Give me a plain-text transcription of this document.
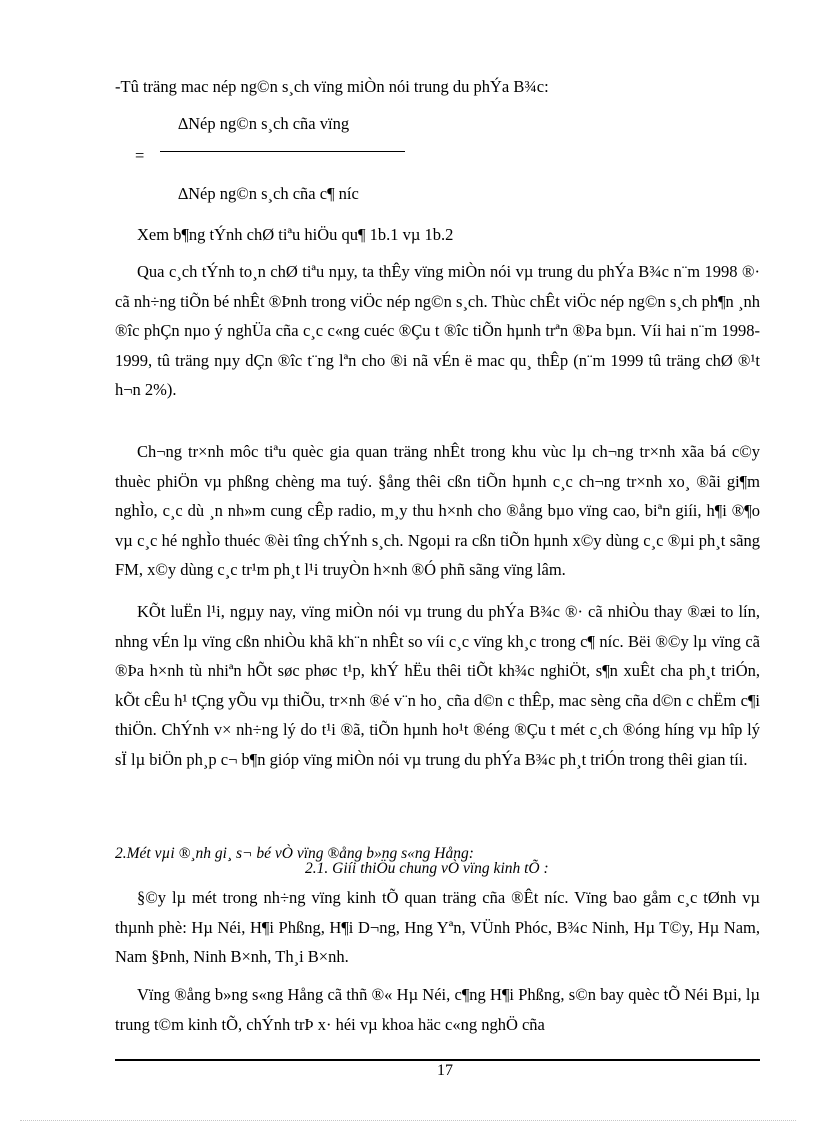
-Tû träng mac nép ng©n s¸ch vïng miÒn nói trung du phÝa B¾c:

∆Nép ng©n s¸ch cña vïng
=
∆Nép ng©n s¸ch cña c¶ níc

Xem b¶ng tÝnh chØ tiªu hiÖu qu¶ 1b.1 vµ 1b.2

Qua c¸ch tÝnh to¸n chØ tiªu nµy, ta thÊy vïng miÒn nói vµ trung du phÝa B¾c n¨m 1998 ®· cã nh÷ng tiÕn bé nhÊt ®Þnh trong viÖc nép ng©n s¸ch. Thùc chÊt viÖc nép ng©n s¸ch ph¶n ¸nh ®îc phÇn nµo ý nghÜa cña c¸c c«ng cuéc ®Çu t ®îc tiÕn hµnh trªn ®Þa bµn. Víi hai n¨m 1998-1999, tû träng nµy dÇn ®îc t¨ng lªn cho ®i nã vÉn ë mac qu¸ thÊp (n¨m 1999 tû träng chØ ®¹t h¬n 2%).

Ch¬ng tr×nh môc tiªu quèc gia quan träng nhÊt trong khu vùc lµ ch¬ng tr×nh xãa bá c©y thuèc phiÖn vµ phßng chèng ma tuý. §ång thêi cßn tiÕn hµnh c¸c ch¬ng tr×nh xo¸ ®ãi gi¶m nghÌo, c¸c dù ¸n nh»m cung cÊp radio, m¸y thu h×nh cho ®ång bµo vïng cao, biªn giíi, h¶i ®¶o vµ c¸c hé nghÌo thuéc ®èi tîng chÝnh s¸ch. Ngoµi ra cßn tiÕn hµnh x©y dùng c¸c ®µi ph¸t sãng FM, x©y dùng c¸c tr¹m ph¸t l¹i truyÒn h×nh ®Ó phñ sãng vïng lâm.

KÕt luËn l¹i, ngµy nay, vïng miÒn nói vµ trung du phÝa B¾c ®· cã nhiÒu thay ®æi to lín, nhng vÉn lµ vïng cßn nhiÒu khã kh¨n nhÊt so víi c¸c vïng kh¸c trong c¶ níc. Bëi ®©y lµ vïng cã ®Þa h×nh tù nhiªn hÕt søc phøc t¹p, khÝ hËu thêi tiÕt kh¾c nghiÖt, s¶n xuÊt cha ph¸t triÓn, kÕt cÊu h¹ tÇng yÕu vµ thiÕu, tr×nh ®é v¨n ho¸ cña d©n c thÊp, mac sèng cña d©n c chËm c¶i thiÖn. ChÝnh v× nh÷ng lý do t¹i ®ã, tiÕn hµnh ho¹t ®éng ®Çu t mét c¸ch ®óng híng vµ hîp lý sÏ lµ biÖn ph¸p c¬ b¶n gióp vïng miÒn nói vµ trung du phÝa B¾c ph¸t triÓn trong thêi gian tíi.

2.Mét vµi ®¸nh gi¸ s¬ bé vÒ vïng ®ång b»ng s«ng Hång:

2.1. Giíi thiÖu chung vÒ vïng kinh tÕ :

§©y lµ mét trong nh÷ng vïng kinh tÕ quan träng cña ®Êt níc. Vïng bao gåm c¸c tØnh vµ thµnh phè: Hµ Néi, H¶i Phßng, H¶i D¬ng, Hng Yªn, VÜnh Phóc, B¾c Ninh, Hµ T©y, Hµ Nam, Nam §Þnh, Ninh B×nh, Th¸i B×nh.

Vïng ®ång b»ng s«ng Hång cã thñ ®« Hµ Néi, c¶ng H¶i Phßng, s©n bay quèc tÕ Néi Bµi, lµ trung t©m kinh tÕ, chÝnh trÞ x· héi vµ khoa häc c«ng nghÖ cña

17
